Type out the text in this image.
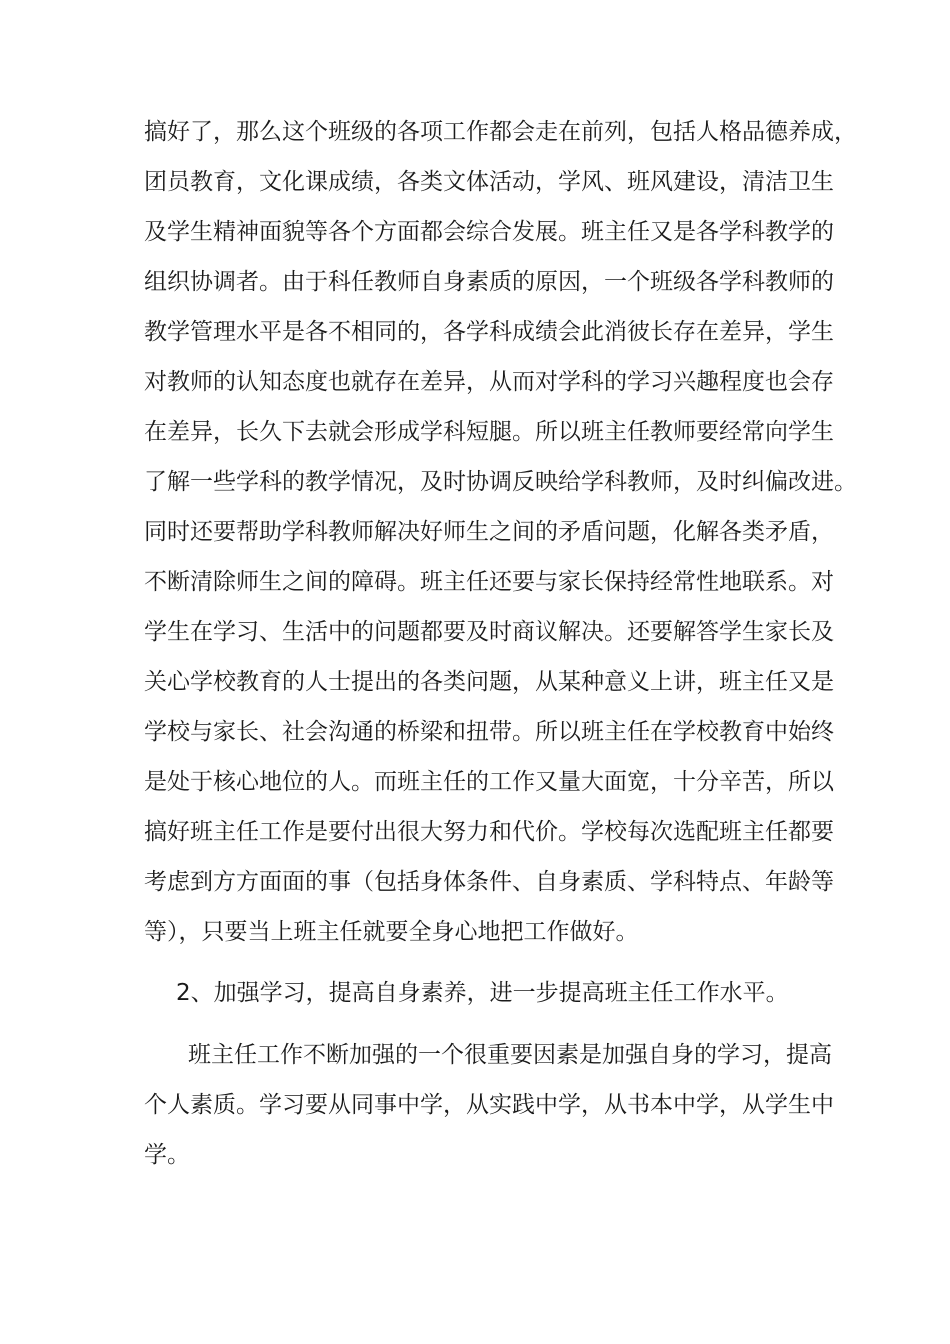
搞好了，那么这个班级的各项工作都会走在前列，包括人格品德养成，
团员教育，文化课成绩，各类文体活动，学风、班风建设，清洁卫生
及学生精神面貌等各个方面都会综合发展。班主任又是各学科教学的
组织协调者。由于科任教师自身素质的原因，一个班级各学科教师的
教学管理水平是各不相同的，各学科成绩会此消彼长存在差异，学生
对教师的认知态度也就存在差异，从而对学科的学习兴趣程度也会存
在差异，长久下去就会形成学科短腿。所以班主任教师要经常向学生
了解一些学科的教学情况，及时协调反映给学科教师，及时纠偏改进。
同时还要帮助学科教师解决好师生之间的矛盾问题，化解各类矛盾，
不断清除师生之间的障碍。班主任还要与家长保持经常性地联系。对
学生在学习、生活中的问题都要及时商议解决。还要解答学生家长及
关心学校教育的人士提出的各类问题，从某种意义上讲，班主任又是
学校与家长、社会沟通的桥梁和扭带。所以班主任在学校教育中始终
是处于核心地位的人。而班主任的工作又量大面宽，十分辛苦，所以
搞好班主任工作是要付出很大努力和代价。学校每次选配班主任都要
考虑到方方面面的事（包括身体条件、自身素质、学科特点、年龄等
等），只要当上班主任就要全身心地把工作做好。
2、加强学习，提高自身素养，进一步提高班主任工作水平。
班主任工作不断加强的一个很重要因素是加强自身的学习，提高
个人素质。学习要从同事中学，从实践中学，从书本中学，从学生中
学。
